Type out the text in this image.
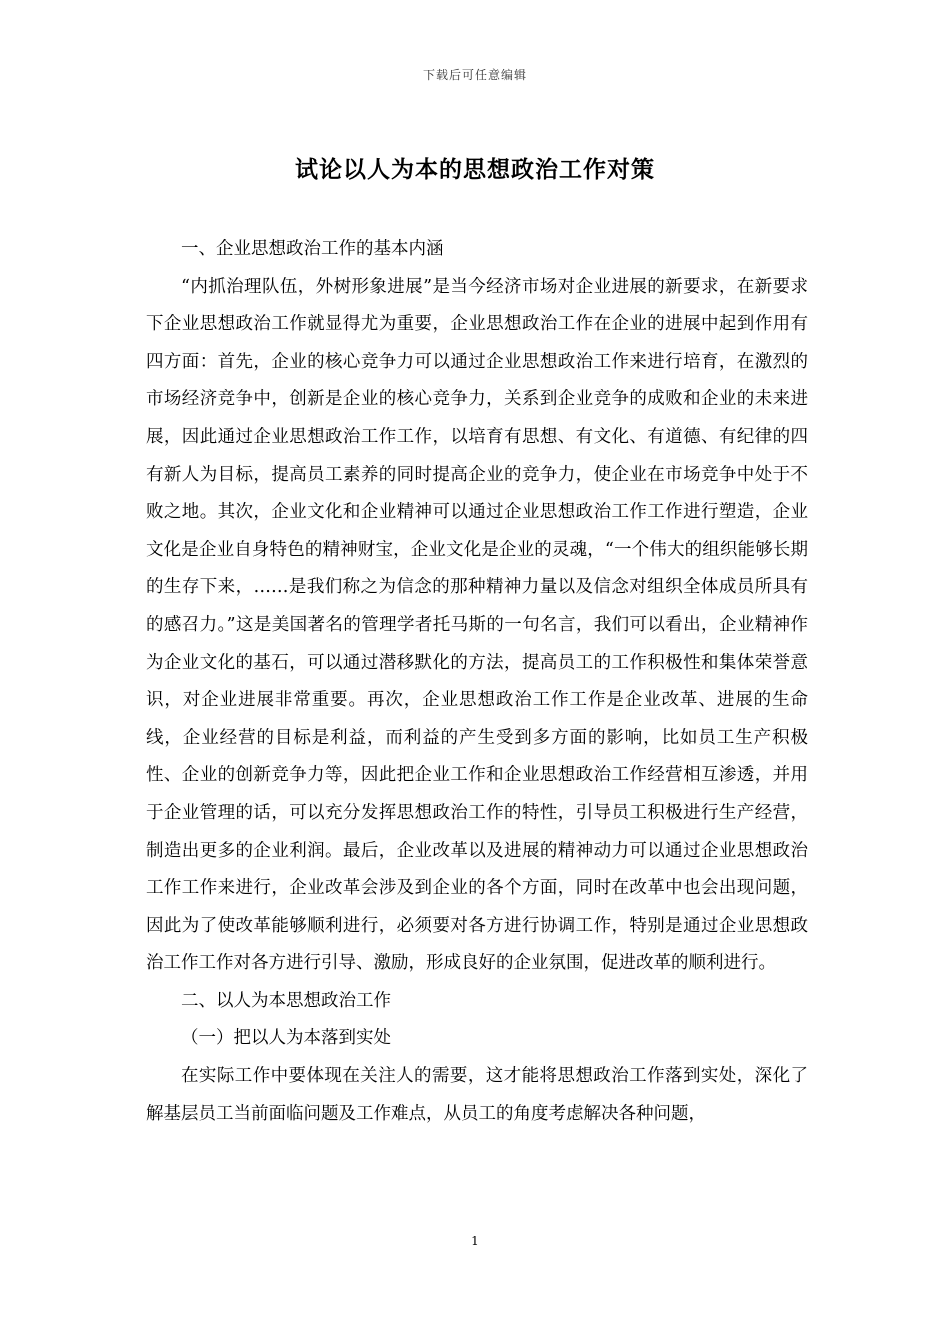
下载后可任意编辑
试论以人为本的思想政治工作对策

一、企业思想政治工作的基本内涵

“内抓治理队伍，外树形象进展”是当今经济市场对企业进展的新要求，在新要求下企业思想政治工作就显得尤为重要，企业思想政治工作在企业的进展中起到作用有四方面：首先，企业的核心竞争力可以通过企业思想政治工作来进行培育，在激烈的市场经济竞争中，创新是企业的核心竞争力，关系到企业竞争的成败和企业的未来进展，因此通过企业思想政治工作工作，以培育有思想、有文化、有道德、有纪律的四有新人为目标，提高员工素养的同时提高企业的竞争力，使企业在市场竞争中处于不败之地。其次，企业文化和企业精神可以通过企业思想政治工作工作进行塑造，企业文化是企业自身特色的精神财宝，企业文化是企业的灵魂，“一个伟大的组织能够长期的生存下来，……是我们称之为信念的那种精神力量以及信念对组织全体成员所具有的感召力。”这是美国著名的管理学者托马斯的一句名言，我们可以看出，企业精神作为企业文化的基石，可以通过潜移默化的方法，提高员工的工作积极性和集体荣誉意识，对企业进展非常重要。再次，企业思想政治工作工作是企业改革、进展的生命线，企业经营的目标是利益，而利益的产生受到多方面的影响，比如员工生产积极性、企业的创新竞争力等，因此把企业工作和企业思想政治工作经营相互渗透，并用于企业管理的话，可以充分发挥思想政治工作的特性，引导员工积极进行生产经营，制造出更多的企业利润。最后，企业改革以及进展的精神动力可以通过企业思想政治工作工作来进行，企业改革会涉及到企业的各个方面，同时在改革中也会出现问题，因此为了使改革能够顺利进行，必须要对各方进行协调工作，特别是通过企业思想政治工作工作对各方进行引导、激励，形成良好的企业氛围，促进改革的顺利进行。

二、以人为本思想政治工作

（一）把以人为本落到实处

在实际工作中要体现在关注人的需要，这才能将思想政治工作落到实处，深化了解基层员工当前面临问题及工作难点，从员工的角度考虑解决各种问题，

1
